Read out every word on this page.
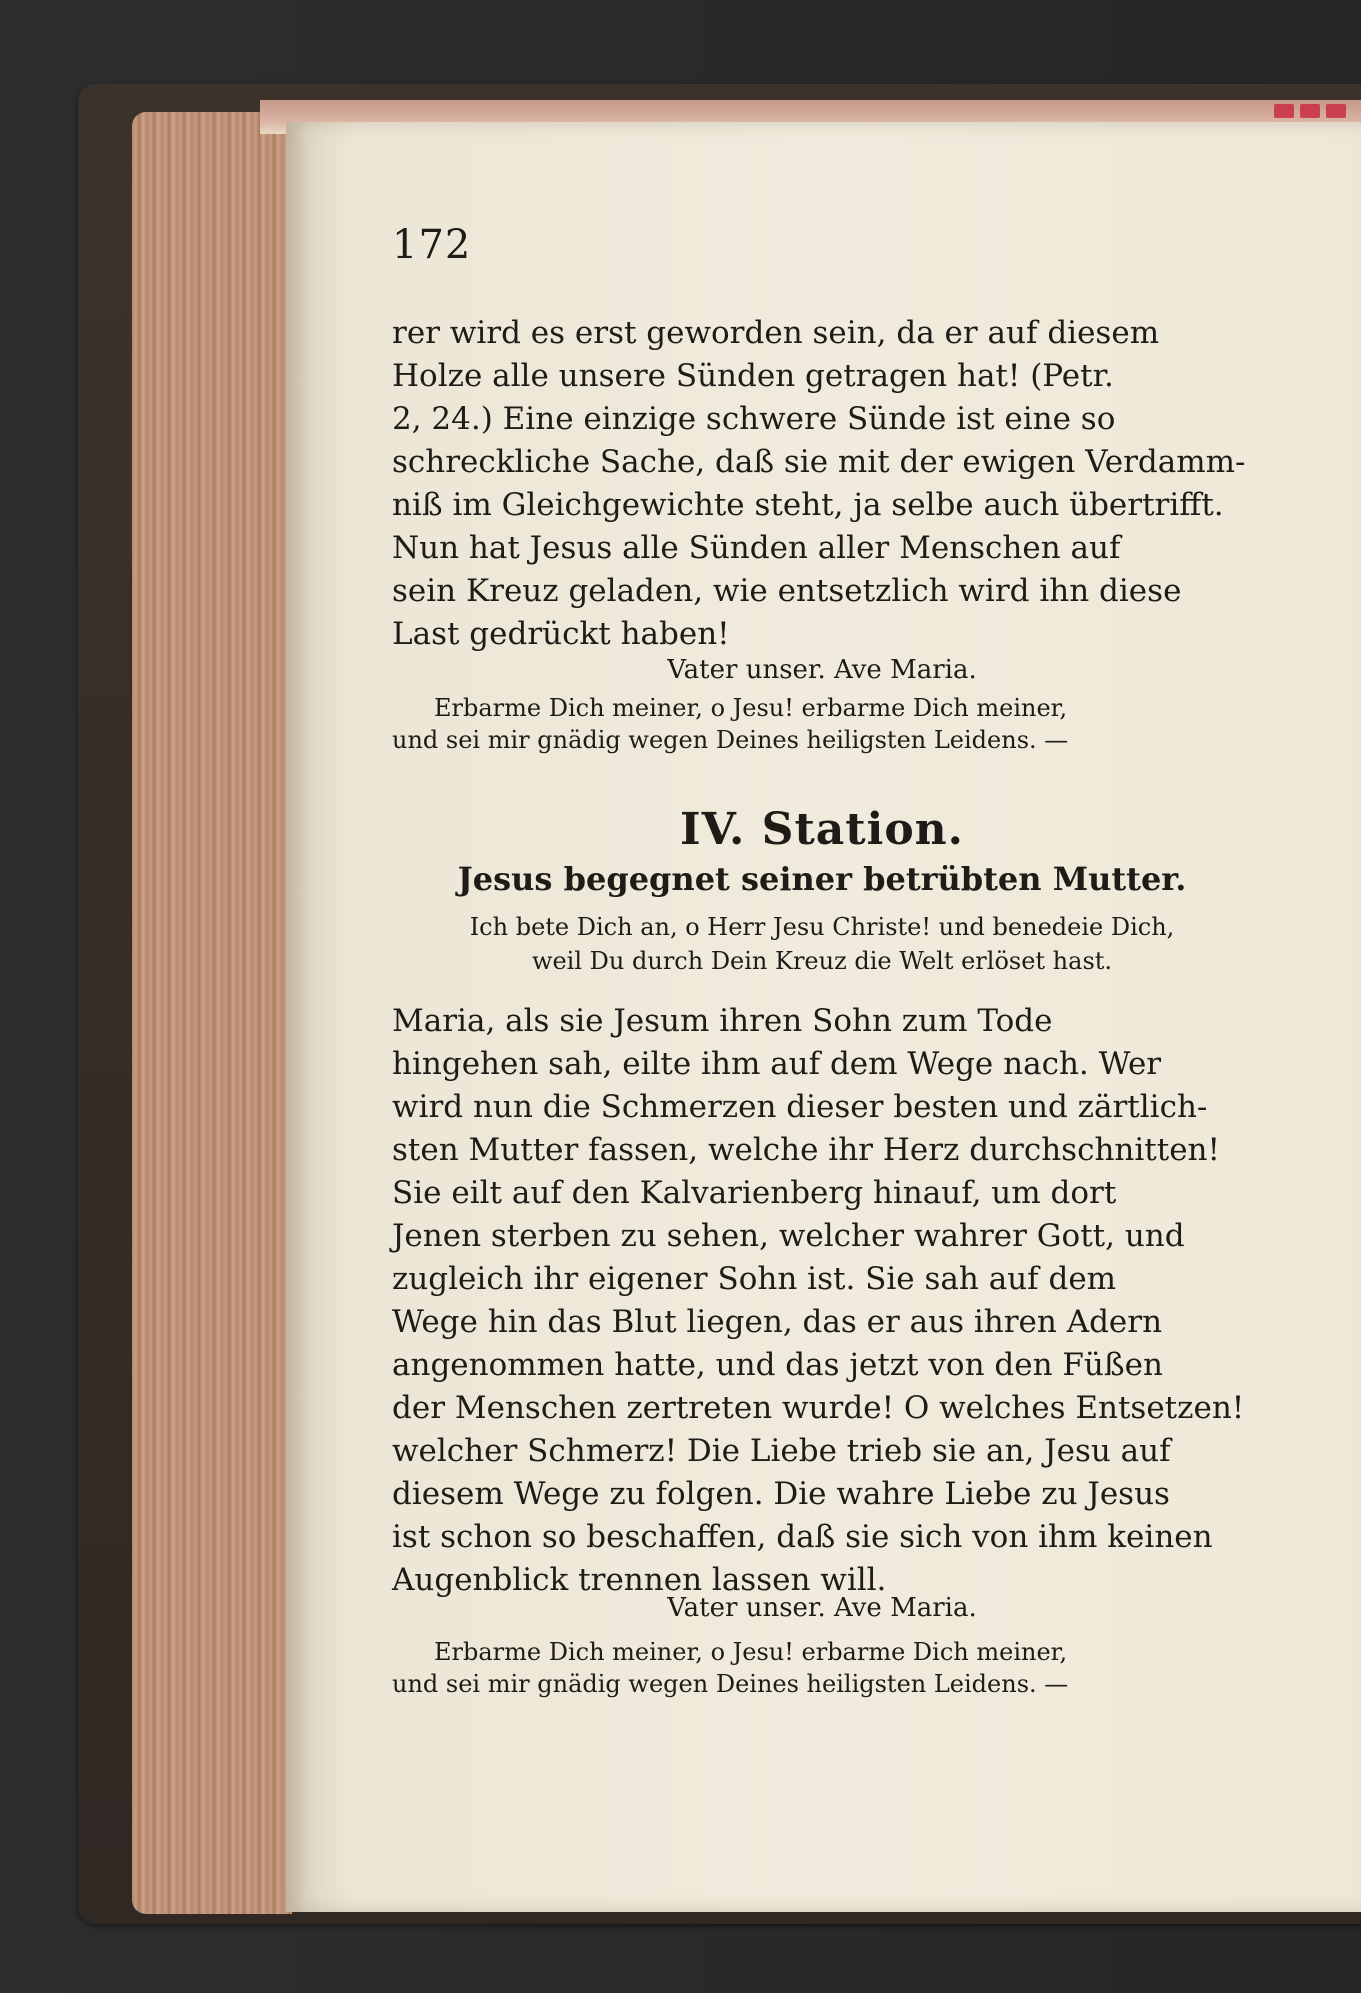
172

rer wird es erst geworden sein, da er auf diesem

Holze alle unsere Sünden getragen hat! (Petr.

2, 24.) Eine einzige schwere Sünde ist eine so

schreckliche Sache, daß sie mit der ewigen Verdamm-

niß im Gleichgewichte steht, ja selbe auch übertrifft.

Nun hat Jesus alle Sünden aller Menschen auf

sein Kreuz geladen, wie entsetzlich wird ihn diese

Last gedrückt haben!

Vater unser. Ave Maria.

Erbarme Dich meiner, o Jesu! erbarme Dich meiner,

und sei mir gnädig wegen Deines heiligsten Leidens. —

IV. Station.

Jesus begegnet seiner betrübten Mutter.

Ich bete Dich an, o Herr Jesu Christe! und benedeie Dich,

weil Du durch Dein Kreuz die Welt erlöset hast.

Maria, als sie Jesum ihren Sohn zum Tode

hingehen sah, eilte ihm auf dem Wege nach. Wer

wird nun die Schmerzen dieser besten und zärtlich-

sten Mutter fassen, welche ihr Herz durchschnitten!

Sie eilt auf den Kalvarienberg hinauf, um dort

Jenen sterben zu sehen, welcher wahrer Gott, und

zugleich ihr eigener Sohn ist. Sie sah auf dem

Wege hin das Blut liegen, das er aus ihren Adern

angenommen hatte, und das jetzt von den Füßen

der Menschen zertreten wurde! O welches Entsetzen!

welcher Schmerz! Die Liebe trieb sie an, Jesu auf

diesem Wege zu folgen. Die wahre Liebe zu Jesus

ist schon so beschaffen, daß sie sich von ihm keinen

Augenblick trennen lassen will.

Vater unser. Ave Maria.

Erbarme Dich meiner, o Jesu! erbarme Dich meiner,

und sei mir gnädig wegen Deines heiligsten Leidens. —
